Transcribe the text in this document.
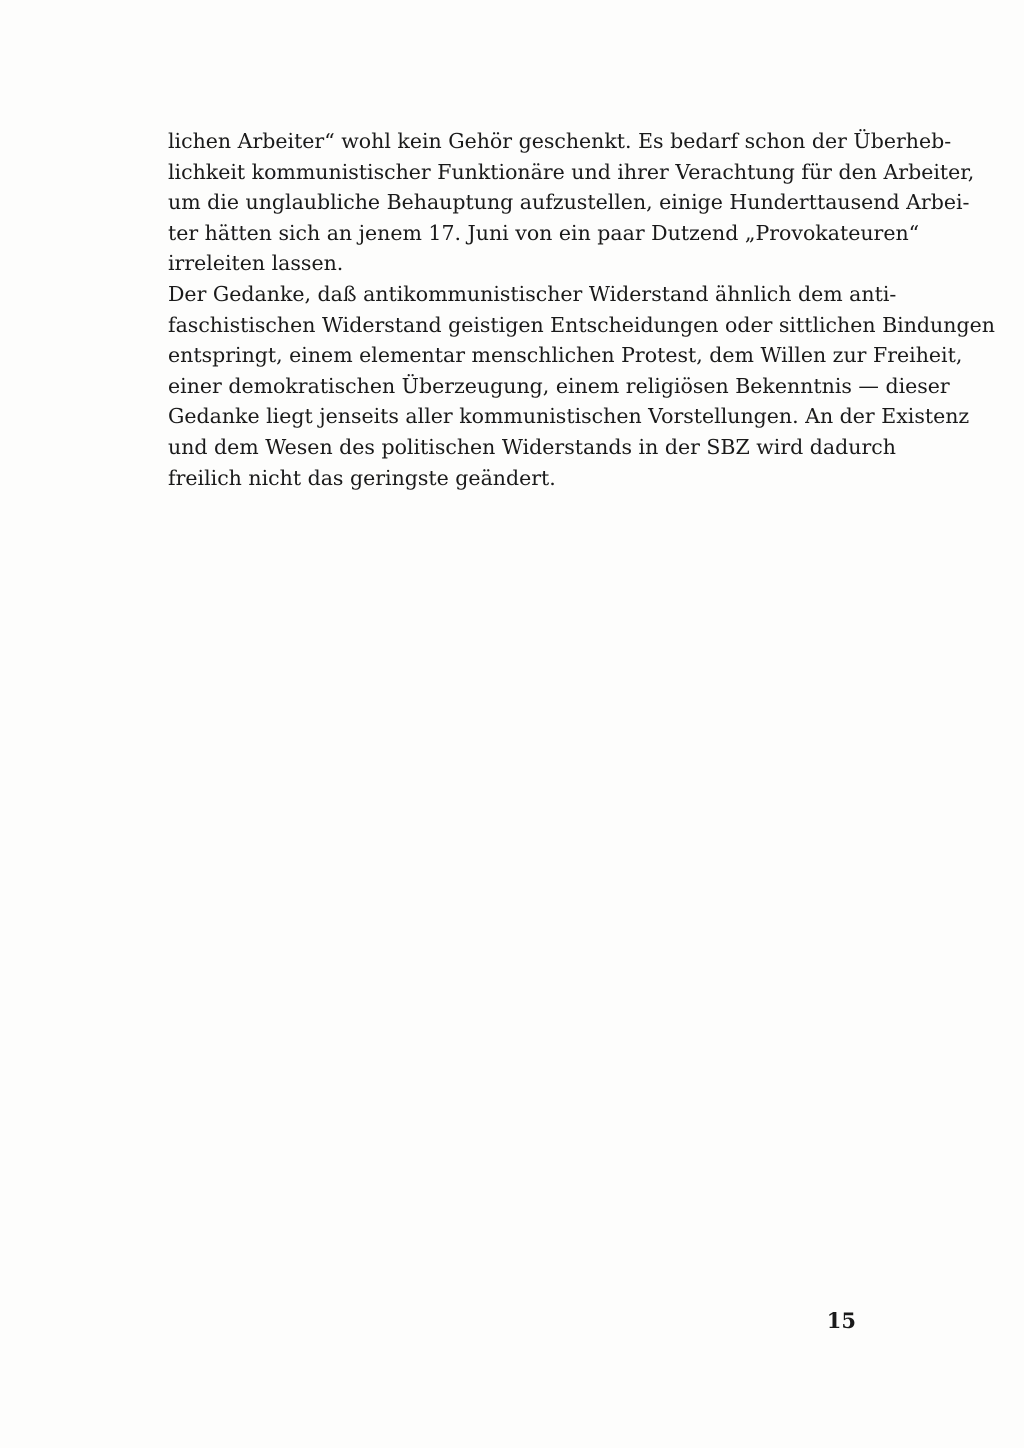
lichen Arbeiter“ wohl kein Gehör geschenkt. Es bedarf schon der Überheb-
lichkeit kommunistischer Funktionäre und ihrer Verachtung für den Arbeiter,
um die unglaubliche Behauptung aufzustellen, einige Hunderttausend Arbei-
ter hätten sich an jenem 17. Juni von ein paar Dutzend „Provokateuren“
irreleiten lassen.
Der Gedanke, daß antikommunistischer Widerstand ähnlich dem anti-
faschistischen Widerstand geistigen Entscheidungen oder sittlichen Bindungen
entspringt, einem elementar menschlichen Protest, dem Willen zur Freiheit,
einer demokratischen Überzeugung, einem religiösen Bekenntnis — dieser
Gedanke liegt jenseits aller kommunistischen Vorstellungen. An der Existenz
und dem Wesen des politischen Widerstands in der SBZ wird dadurch
freilich nicht das geringste geändert.
15
